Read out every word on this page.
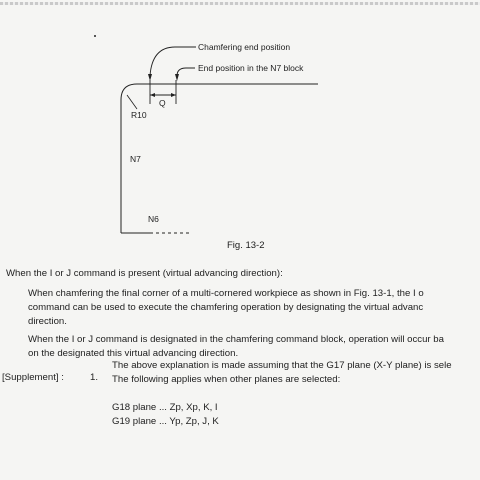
Chamfering end position
End position in the N7 block
R10
Q
N7
N6
Fig. 13-2
When the I or J command is present (virtual advancing direction):
When chamfering the final corner of a multi-cornered workpiece as shown in Fig. 13-1, the I o
command can be used to execute the chamfering operation by designating the virtual advanc
direction.
When the I or J command is designated in the chamfering command block, operation will occur ba
on the designated this virtual advancing direction.
[Supplement] :	1.
The above explanation is made assuming that the G17 plane (X-Y plane) is sele
The following applies when other planes are selected:
G18 plane ... Zp, Xp, K, I
G19 plane ... Yp, Zp, J, K
